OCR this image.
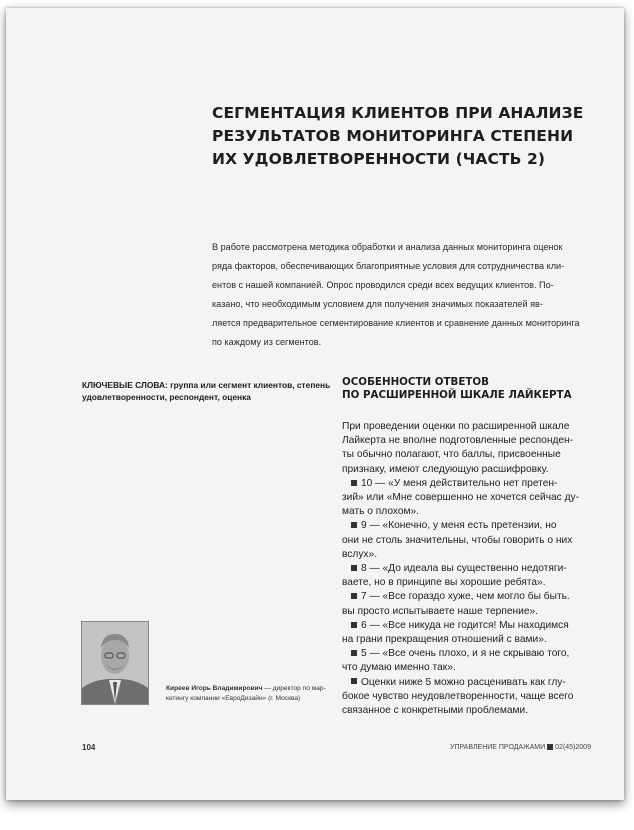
СЕГМЕНТАЦИЯ КЛИЕНТОВ ПРИ АНАЛИЗЕ
РЕЗУЛЬТАТОВ МОНИТОРИНГА СТЕПЕНИ
ИХ УДОВЛЕТВОРЕННОСТИ (ЧАСТЬ 2)
В работе рассмотрена методика обработки и анализа данных мониторинга оценок
ряда факторов, обеспечивающих благоприятные условия для сотрудничества кли-
ентов с нашей компанией. Опрос проводился среди всех ведущих клиентов. По-
казано, что необходимым условием для получения значимых показателей яв-
ляется предварительное сегментирование клиентов и сравнение данных мониторинга
по каждому из сегментов.
КЛЮЧЕВЫЕ СЛОВА: группа или сегмент клиентов, степень удовлетворенности, респондент, оценка
ОСОБЕННОСТИ ОТВЕТОВ
ПО РАСШИРЕННОЙ ШКАЛЕ ЛАЙКЕРТА
При проведении оценки по расширенной шкале
Лайкерта не вполне подготовленные респонден-
ты обычно полагают, что баллы, присвоенные
признаку, имеют следующую расшифровку.
10 — «У меня действительно нет претен-
зий» или «Мне совершенно не хочется сейчас ду-
мать о плохом».
9 — «Конечно, у меня есть претензии, но
они не столь значительны, чтобы говорить о них
вслух».
8 — «До идеала вы существенно недотяги-
ваете, но в принципе вы хорошие ребята».
7 — «Все гораздо хуже, чем могло бы быть.
вы просто испытываете наше терпение».
6 — «Все никуда не годится! Мы находимся
на грани прекращения отношений с вами».
5 — «Все очень плохо, и я не скрываю того,
что думаю именно так».
Оценки ниже 5 можно расценивать как глу-
бокое чувство неудовлетворенности, чаще всего
связанное с конкретными проблемами.
Киреев Игорь Владимирович — директор по мар-
кетингу компании «ЕвроДизайн» (г. Москва)
104	УПРАВЛЕНИЕ ПРОДАЖАМИ 02(45)2009
